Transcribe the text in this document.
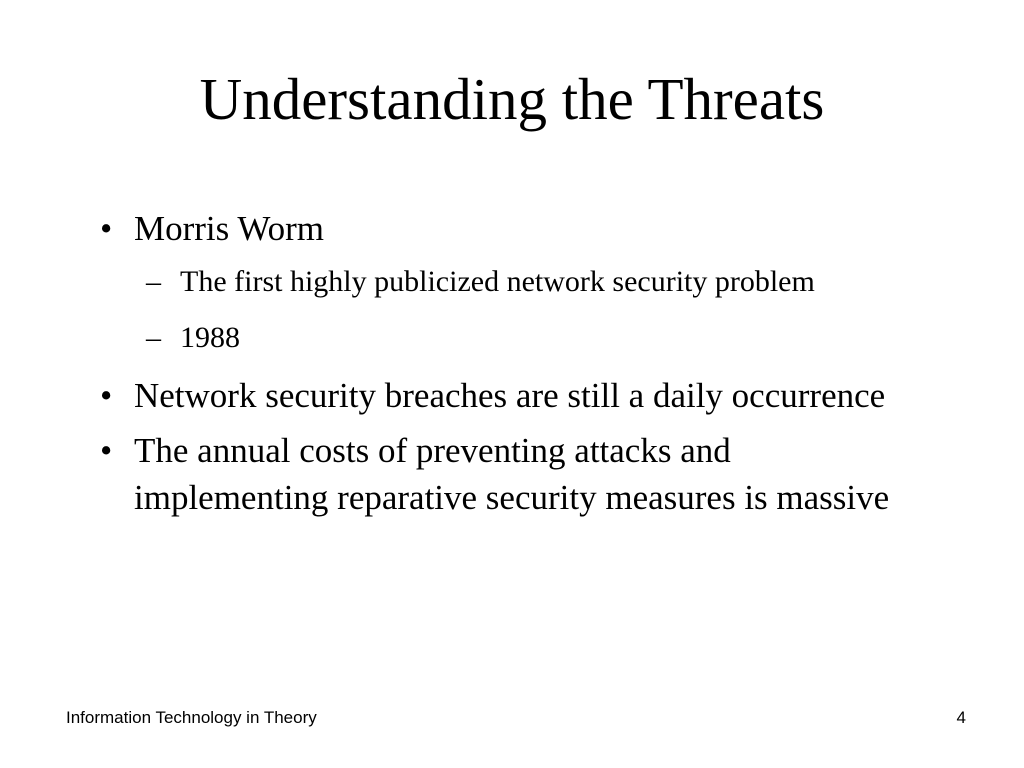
Understanding the Threats
• Morris Worm
– The first highly publicized network security problem
– 1988
• Network security breaches are still a daily occurrence
• The annual costs of preventing attacks and implementing reparative security measures is massive
Information Technology in Theory	4
